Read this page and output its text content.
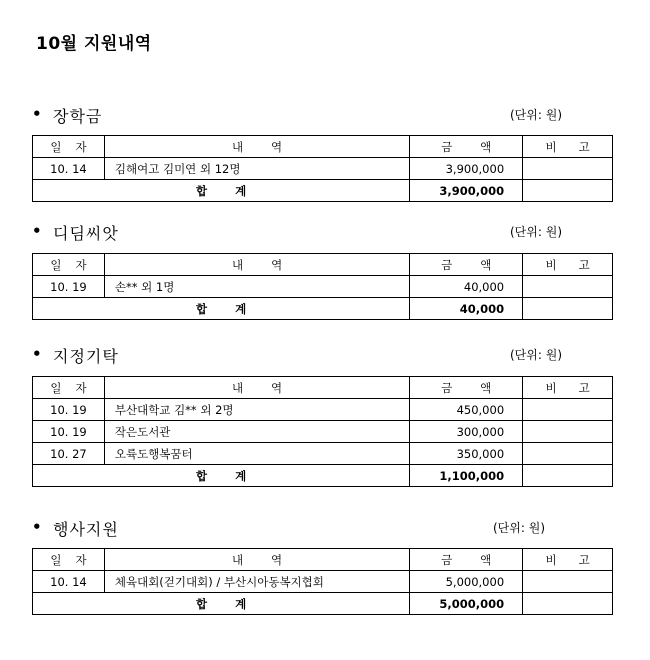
10월 지원내역
• 장학금	(단위: 원)
일 자	내 역	금 액	비 고
10. 14	김해여고 김미연 외 12명	3,900,000	
합 계		3,900,000	
• 디딤씨앗	(단위: 원)
일 자	내 역	금 액	비 고
10. 19	손** 외 1명	40,000	
합 계		40,000	
• 지정기탁	(단위: 원)
일 자	내 역	금 액	비 고
10. 19	부산대학교 김** 외 2명	450,000	
10. 19	작은도서관	300,000	
10. 27	오륙도행복꿈터	350,000	
합 계		1,100,000	
• 행사지원	(단위: 원)
일 자	내 역	금 액	비 고
10. 14	체육대회(걷기대회) / 부산시아동복지협회	5,000,000	
합 계		5,000,000	
